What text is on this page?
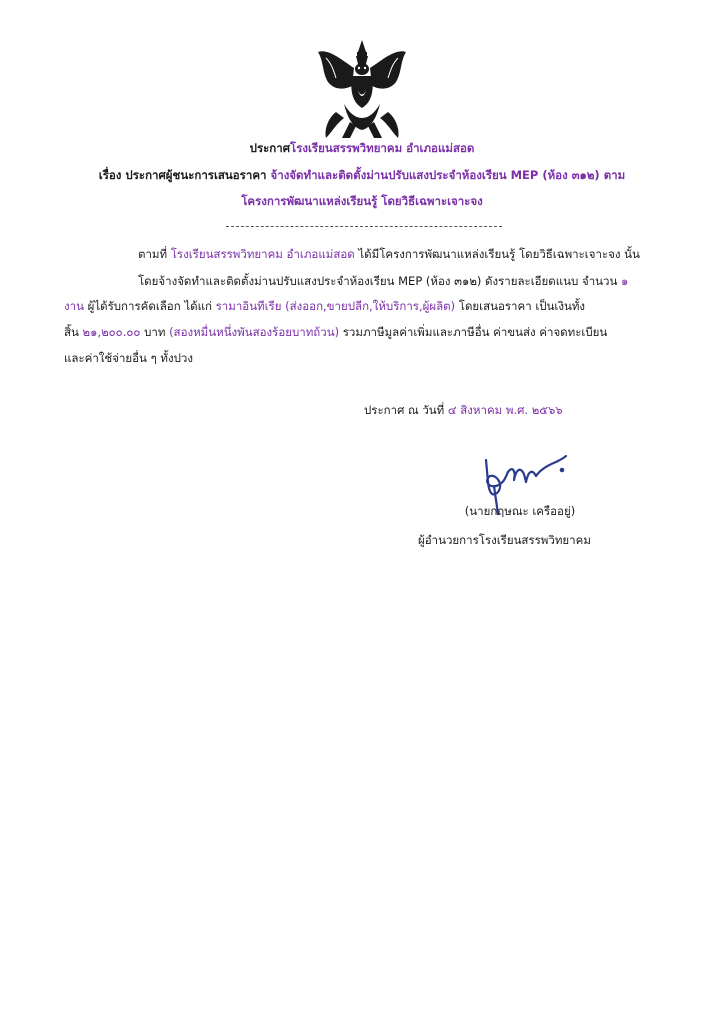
ประกาศโรงเรียนสรรพวิทยาคม อำเภอแม่สอด
เรื่อง ประกาศผู้ชนะการเสนอราคา จ้างจัดทำและติดตั้งม่านปรับแสงประจำห้องเรียน MEP (ห้อง ๓๑๒) ตาม
โครงการพัฒนาแหล่งเรียนรู้ โดยวิธีเฉพาะเจาะจง
ตามที่ โรงเรียนสรรพวิทยาคม อำเภอแม่สอด ได้มีโครงการพัฒนาแหล่งเรียนรู้ โดยวิธีเฉพาะเจาะจง นั้น
โดยจ้างจัดทำและติดตั้งม่านปรับแสงประจำห้องเรียน MEP (ห้อง ๓๑๒) ดังรายละเอียดแนบ จำนวน ๑
งาน ผู้ได้รับการคัดเลือก ได้แก่ รามาอินทีเรีย (ส่งออก,ขายปลีก,ให้บริการ,ผู้ผลิต) โดยเสนอราคา เป็นเงินทั้ง
สิ้น ๒๑,๒๐๐.๐๐ บาท (สองหมื่นหนึ่งพันสองร้อยบาทถ้วน) รวมภาษีมูลค่าเพิ่มและภาษีอื่น ค่าขนส่ง ค่าจดทะเบียน
และค่าใช้จ่ายอื่น ๆ ทั้งปวง
ประกาศ ณ วันที่ ๔ สิงหาคม พ.ศ. ๒๕๖๖
(นายกฤษณะ เครืออยู่)
ผู้อำนวยการโรงเรียนสรรพวิทยาคม
